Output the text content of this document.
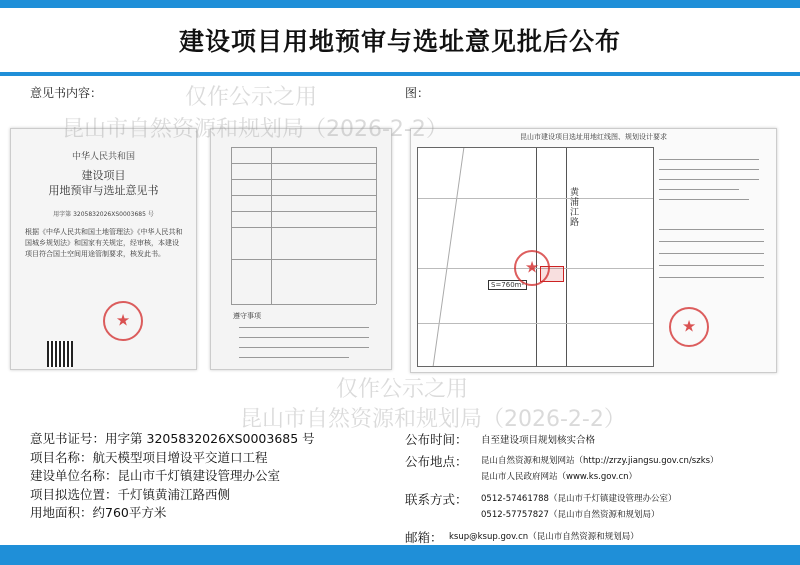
建设项目用地预审与选址意见批后公布
意见书内容：	图：
中华人民共和国
建设项目
用地预审与选址意见书
用字第 3205832026XS0003685 号
根据《中华人民共和国土地管理法》《中华人民共和国城乡规划法》和国家有关规定，经审核，本建设项目符合国土空间用途管制要求，核发此书。
★
遵守事项
昆山市建设项目选址用地红线图、规划设计要求
黄浦江路
S=760m²
★
★
仅作公示之用
昆山市自然资源和规划局（2026-2-2）
仅作公示之用
昆山市自然资源和规划局（2026-2-2）
意见书证号：用字第 3205832026XS0003685 号
项目名称：航天模型项目增设平交道口工程
建设单位名称：昆山市千灯镇建设管理办公室
项目拟选位置：千灯镇黄浦江路西侧
用地面积：约760平方米
公布时间： 自至建设项目规划核实合格
公布地点： 昆山自然资源和规划网站（http://zrzy.jiangsu.gov.cn/szks）
昆山市人民政府网站（www.ks.gov.cn）
联系方式： 0512-57461788（昆山市千灯镇建设管理办公室）
0512-57757827（昆山市自然资源和规划局）
邮箱： ksup@ksup.gov.cn（昆山市自然资源和规划局）
